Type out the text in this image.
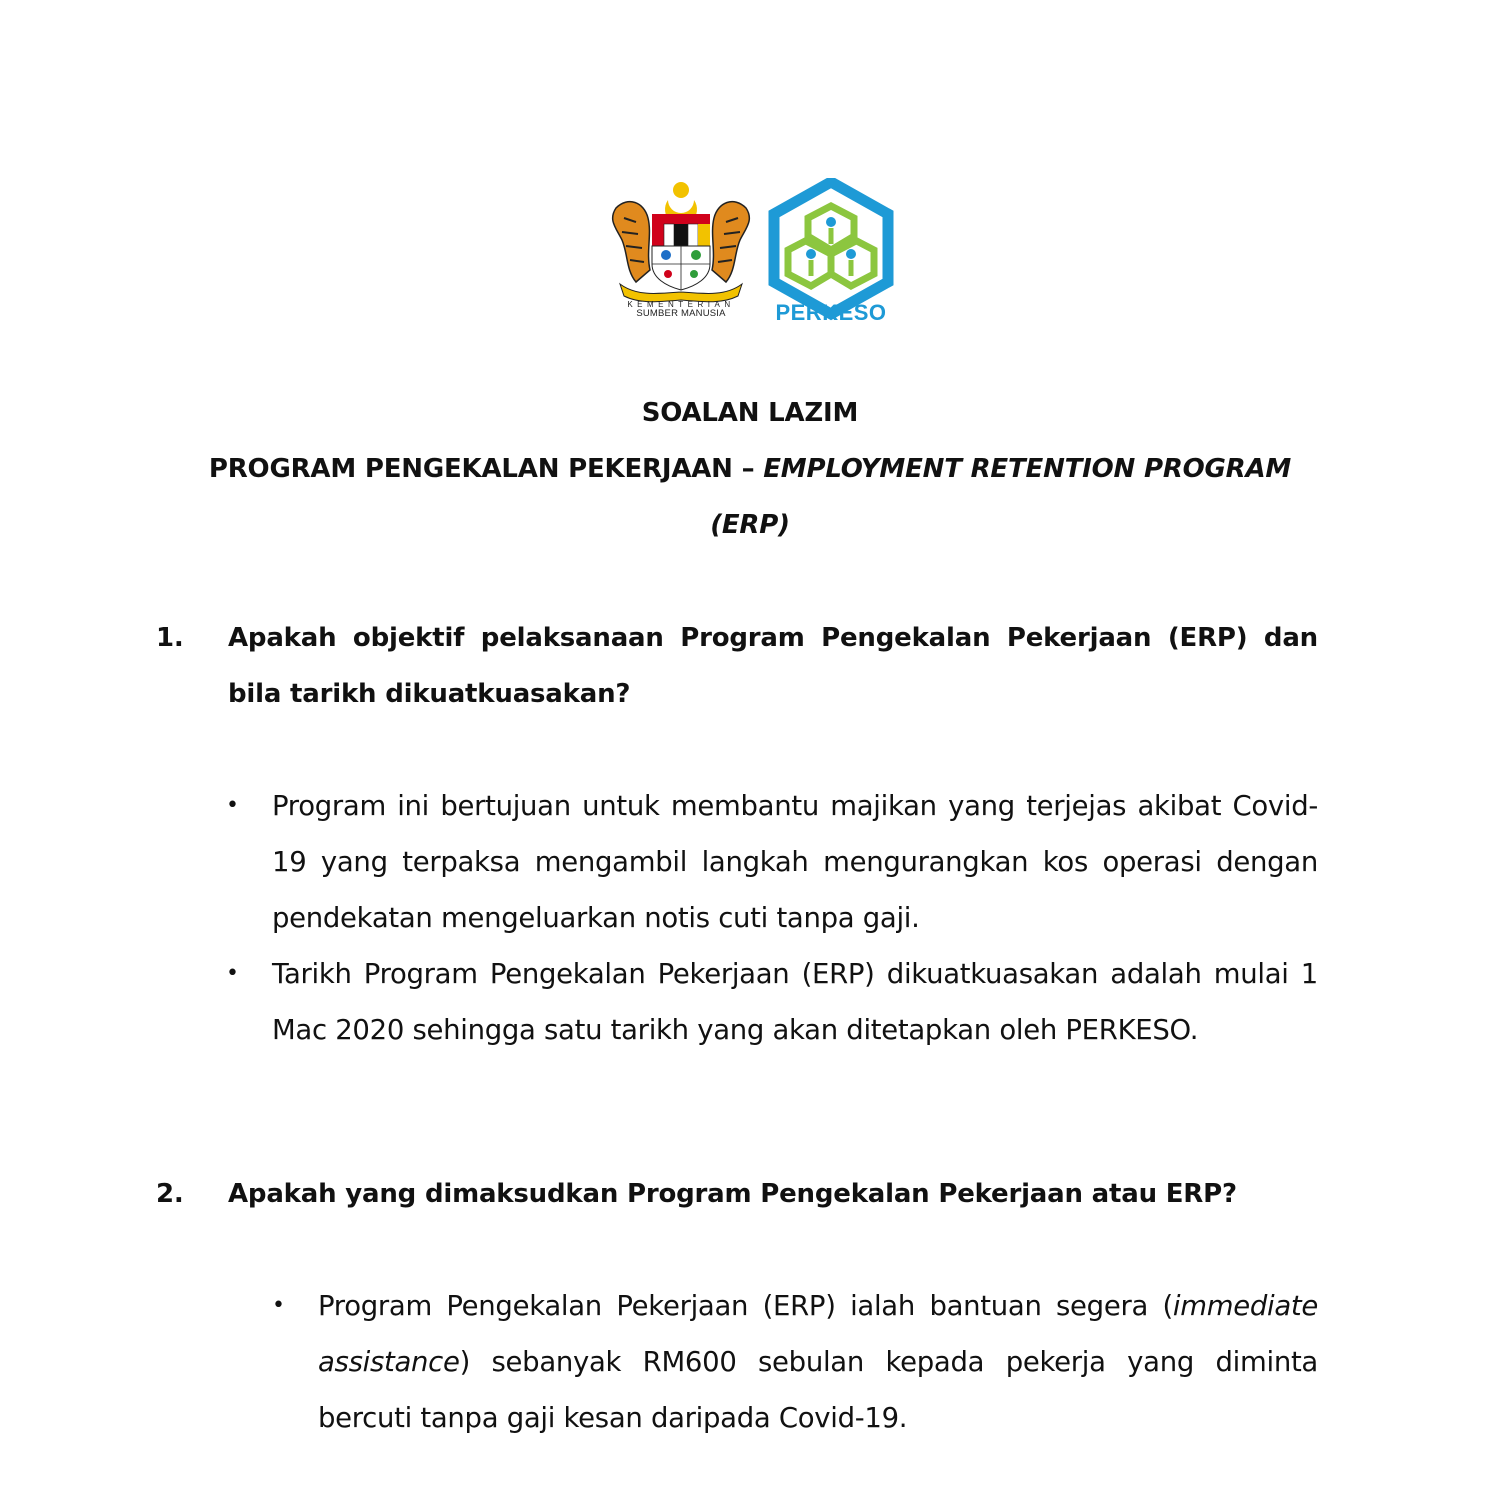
KEMENTERIAN
SUMBER MANUSIA	PERKESO
SOALAN LAZIM
PROGRAM PENGEKALAN PEKERJAAN – EMPLOYMENT RETENTION PROGRAM
(ERP)
1. Apakah objektif pelaksanaan Program Pengekalan Pekerjaan (ERP) dan bila tarikh dikuatkuasakan?
• Program ini bertujuan untuk membantu majikan yang terjejas akibat Covid-19 yang terpaksa mengambil langkah mengurangkan kos operasi dengan pendekatan mengeluarkan notis cuti tanpa gaji.
• Tarikh Program Pengekalan Pekerjaan (ERP) dikuatkuasakan adalah mulai 1 Mac 2020 sehingga satu tarikh yang akan ditetapkan oleh PERKESO.
2. Apakah yang dimaksudkan Program Pengekalan Pekerjaan atau ERP?
• Program Pengekalan Pekerjaan (ERP) ialah bantuan segera (immediate assistance) sebanyak RM600 sebulan kepada pekerja yang diminta bercuti tanpa gaji kesan daripada Covid-19.
